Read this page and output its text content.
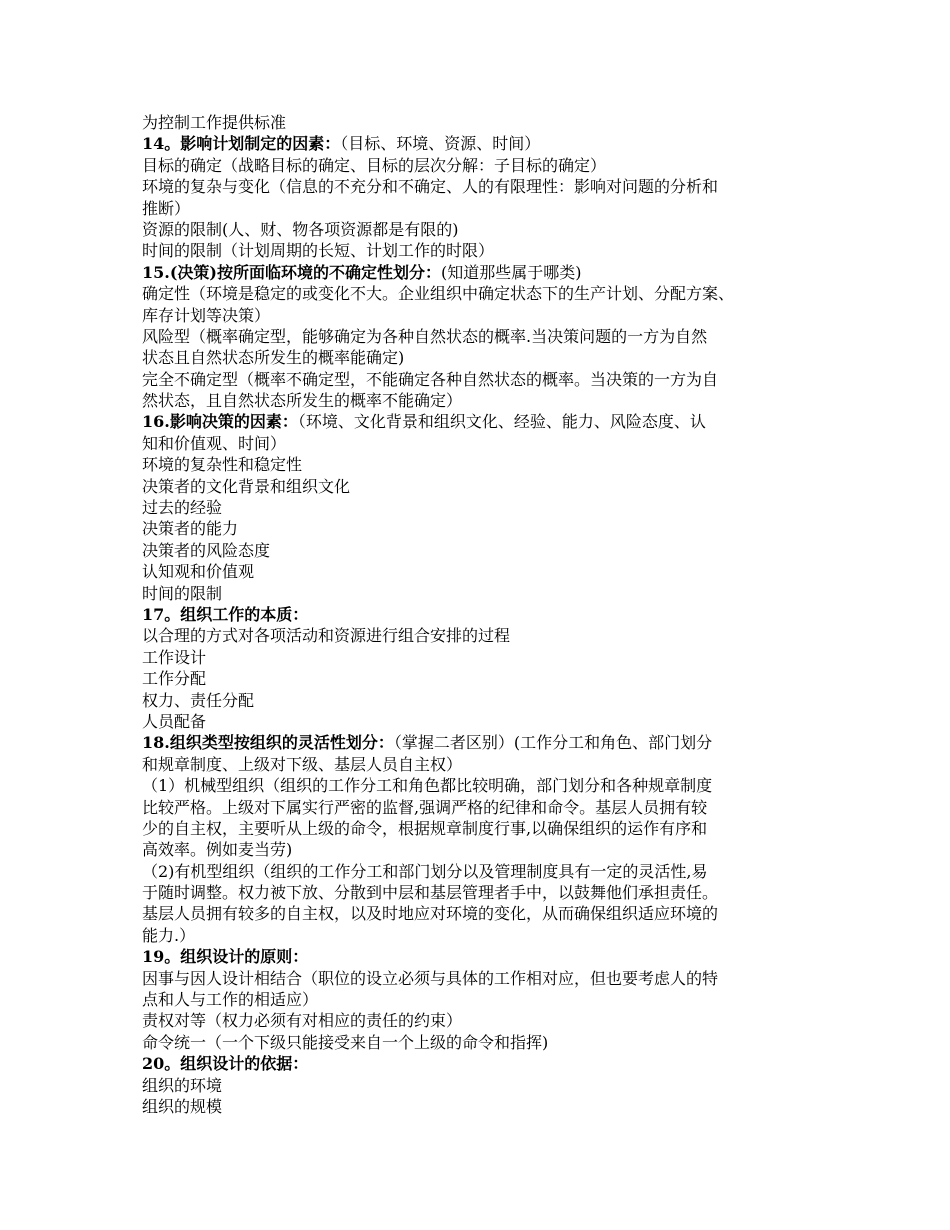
为控制工作提供标准
14。影响计划制定的因素：（目标、环境、资源、时间）
目标的确定（战略目标的确定、目标的层次分解：子目标的确定）
环境的复杂与变化（信息的不充分和不确定、人的有限理性：影响对问题的分析和
推断）
资源的限制(人、财、物各项资源都是有限的)
时间的限制（计划周期的长短、计划工作的时限）
15.(决策)按所面临环境的不确定性划分：(知道那些属于哪类)
确定性（环境是稳定的或变化不大。企业组织中确定状态下的生产计划、分配方案、
库存计划等决策）
风险型（概率确定型，能够确定为各种自然状态的概率.当决策问题的一方为自然
状态且自然状态所发生的概率能确定)
完全不确定型（概率不确定型，不能确定各种自然状态的概率。当决策的一方为自
然状态，且自然状态所发生的概率不能确定）
16.影响决策的因素：（环境、文化背景和组织文化、经验、能力、风险态度、认
知和价值观、时间）
环境的复杂性和稳定性
决策者的文化背景和组织文化
过去的经验
决策者的能力
决策者的风险态度
认知观和价值观
时间的限制
17。组织工作的本质：
以合理的方式对各项活动和资源进行组合安排的过程
工作设计
工作分配
权力、责任分配
人员配备
18.组织类型按组织的灵活性划分：（掌握二者区别）(工作分工和角色、部门划分
和规章制度、上级对下级、基层人员自主权）
（1）机械型组织（组织的工作分工和角色都比较明确，部门划分和各种规章制度
比较严格。上级对下属实行严密的监督,强调严格的纪律和命令。基层人员拥有较
少的自主权，主要听从上级的命令，根据规章制度行事,以确保组织的运作有序和
高效率。例如麦当劳)
（2)有机型组织（组织的工作分工和部门划分以及管理制度具有一定的灵活性,易
于随时调整。权力被下放、分散到中层和基层管理者手中，以鼓舞他们承担责任。
基层人员拥有较多的自主权，以及时地应对环境的变化，从而确保组织适应环境的
能力.）
19。组织设计的原则：
因事与因人设计相结合（职位的设立必须与具体的工作相对应，但也要考虑人的特
点和人与工作的相适应）
责权对等（权力必须有对相应的责任的约束）
命令统一（一个下级只能接受来自一个上级的命令和指挥)
20。组织设计的依据：
组织的环境
组织的规模
